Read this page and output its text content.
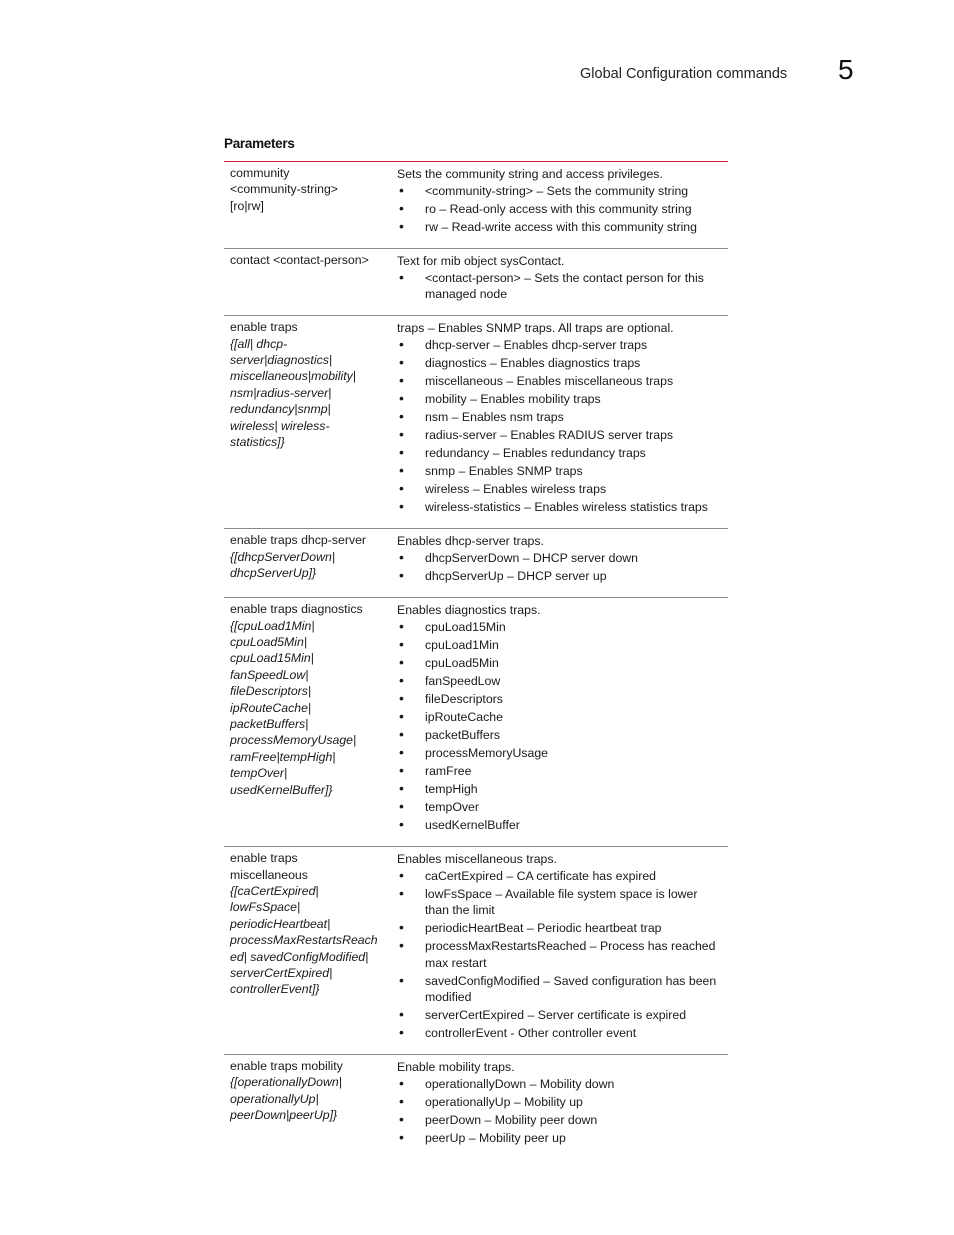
Global Configuration commands 5
Parameters
community
<community-string> [ro|rw]
Sets the community string and access privileges.
• <community-string> – Sets the community string
• ro – Read-only access with this community string
• rw – Read-write access with this community string
contact <contact-person>	Text for mib object sysContact.
• <contact-person> – Sets the contact person for this managed node
enable traps
{[all| dhcp-server|diagnostics| miscellaneous|mobility| nsm|radius-server| redundancy|snmp| wireless| wireless-statistics]}
traps – Enables SNMP traps. All traps are optional.
• dhcp-server – Enables dhcp-server traps
• diagnostics – Enables diagnostics traps
• miscellaneous – Enables miscellaneous traps
• mobility – Enables mobility traps
• nsm – Enables nsm traps
• radius-server – Enables RADIUS server traps
• redundancy – Enables redundancy traps
• snmp – Enables SNMP traps
• wireless – Enables wireless traps
• wireless-statistics – Enables wireless statistics traps
enable traps dhcp-server
{[dhcpServerDown| dhcpServerUp]}
Enables dhcp-server traps.
• dhcpServerDown – DHCP server down
• dhcpServerUp – DHCP server up
enable traps diagnostics
{[cpuLoad1Min| cpuLoad5Min| cpuLoad15Min| fanSpeedLow| fileDescriptors| ipRouteCache| packetBuffers| processMemoryUsage| ramFree|tempHigh| tempOver| usedKernelBuffer]}
Enables diagnostics traps.
• cpuLoad15Min
• cpuLoad1Min
• cpuLoad5Min
• fanSpeedLow
• fileDescriptors
• ipRouteCache
• packetBuffers
• processMemoryUsage
• ramFree
• tempHigh
• tempOver
• usedKernelBuffer
enable traps miscellaneous
{[caCertExpired| lowFsSpace| periodicHeartbeat| processMaxRestartsReach ed| savedConfigModified| serverCertExpired| controllerEvent]}
Enables miscellaneous traps.
• caCertExpired – CA certificate has expired
• lowFsSpace – Available file system space is lower than the limit
• periodicHeartBeat – Periodic heartbeat trap
• processMaxRestartsReached – Process has reached max restart
• savedConfigModified – Saved configuration has been modified
• serverCertExpired – Server certificate is expired
• controllerEvent - Other controller event
enable traps mobility
{[operationallyDown| operationallyUp| peerDown|peerUp]}
Enable mobility traps.
• operationallyDown – Mobility down
• operationallyUp – Mobility up
• peerDown – Mobility peer down
• peerUp – Mobility peer up
